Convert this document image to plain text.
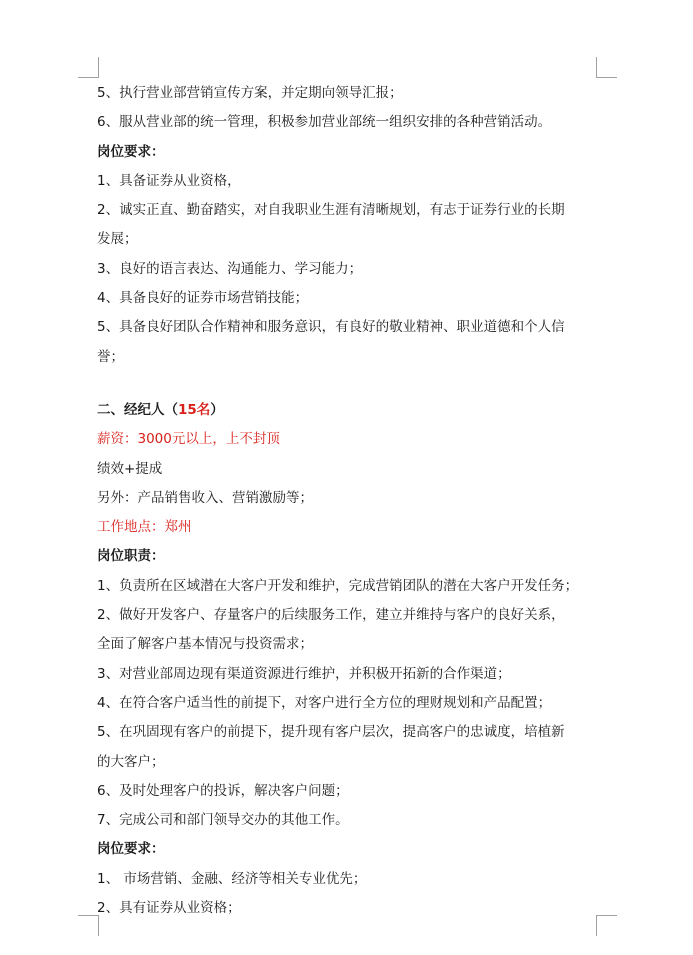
5、执行营业部营销宣传方案，并定期向领导汇报；
6、服从营业部的统一管理，积极参加营业部统一组织安排的各种营销活动。
岗位要求：
1、具备证券从业资格，
2、诚实正直、勤奋踏实，对自我职业生涯有清晰规划，有志于证券行业的长期
发展；
3、良好的语言表达、沟通能力、学习能力；
4、具备良好的证券市场营销技能；
5、具备良好团队合作精神和服务意识，有良好的敬业精神、职业道德和个人信
誉；
二、经纪人（15名）
薪资：3000元以上，上不封顶
绩效+提成
另外：产品销售收入、营销激励等；
工作地点：郑州
岗位职责：
1、负责所在区域潜在大客户开发和维护，完成营销团队的潜在大客户开发任务；
2、做好开发客户、存量客户的后续服务工作，建立并维持与客户的良好关系，
全面了解客户基本情况与投资需求；
3、对营业部周边现有渠道资源进行维护，并积极开拓新的合作渠道；
4、在符合客户适当性的前提下，对客户进行全方位的理财规划和产品配置；
5、在巩固现有客户的前提下，提升现有客户层次，提高客户的忠诚度，培植新
的大客户；
6、及时处理客户的投诉，解决客户问题；
7、完成公司和部门领导交办的其他工作。
岗位要求：
1、 市场营销、金融、经济等相关专业优先；
2、具有证券从业资格；
